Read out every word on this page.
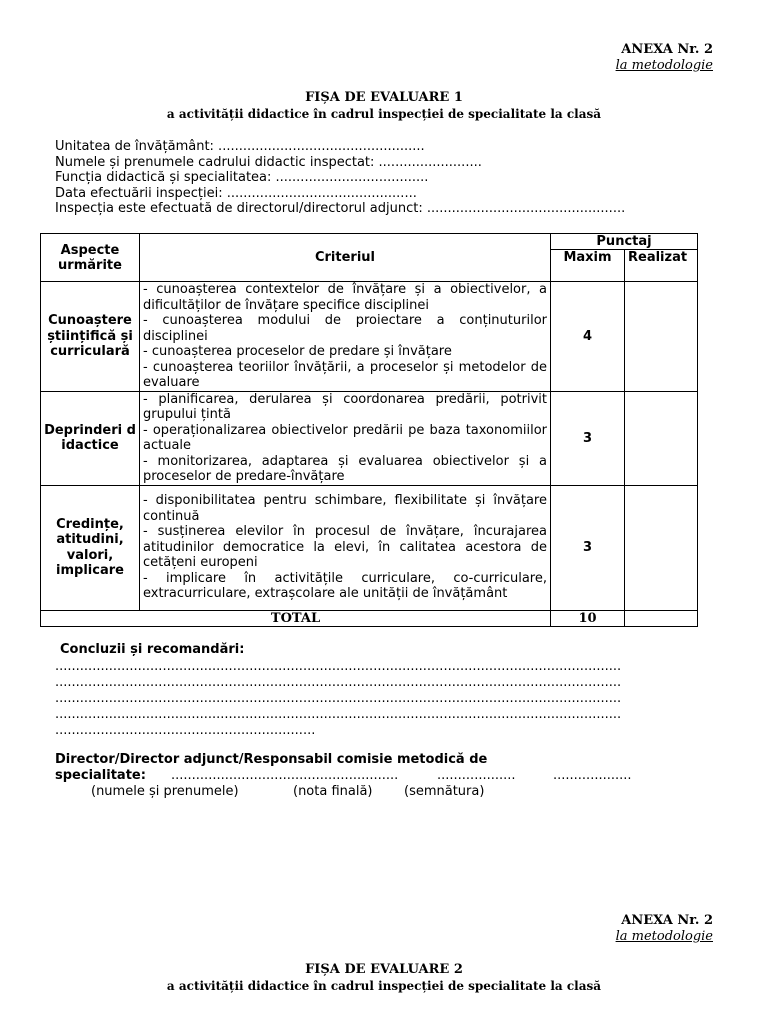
ANEXA Nr. 2
la metodologie
FIȘA DE EVALUARE 1
a activității didactice în cadrul inspecției de specialitate la clasă
Unitatea de învățământ: ..................................................
Numele și prenumele cadrului didactic inspectat: .........................
Funcția didactică și specialitatea: .....................................
Data efectuării inspecției: ..............................................
Inspecția este efectuată de directorul/directorul adjunct: ................................................
Aspecte urmărite	Criteriul	Punctaj	
		Maxim	Realizat
Cunoaștere științifică și curriculară	- cunoașterea contextelor de învățare și a obiectivelor, a dificultăților de învățare specifice disciplinei
- cunoașterea modului de proiectare a conținuturilor disciplinei
- cunoașterea proceselor de predare și învățare
- cunoașterea teoriilor învățării, a proceselor și metodelor de evaluare	4	
Deprinderi didactice	- planificarea, derularea și coordonarea predării, potrivit grupului țintă
- operaționalizarea obiectivelor predării pe baza taxonomiilor actuale
- monitorizarea, adaptarea și evaluarea obiectivelor și a proceselor de predare-învățare	3	
Credințe, atitudini, valori, implicare	- disponibilitatea pentru schimbare, flexibilitate și învățare continuă
- susținerea elevilor în procesul de învățare, încurajarea atitudinilor democratice la elevi, în calitatea acestora de cetățeni europeni
- implicare în activitățile curriculare, co-curriculare, extracurriculare, extrașcolare ale unității de învățământ	3	
TOTAL		10	
Concluzii și recomandări:
.........................................................................................................................................
.........................................................................................................................................
.........................................................................................................................................
.........................................................................................................................................
...............................................................
Director/Director adjunct/Responsabil comisie metodică de
specialitate: .......................................................	...................	...................
(numele și prenumele)	(nota finală) (semnătura)
ANEXA Nr. 2
la metodologie
FIȘA DE EVALUARE 2
a activității didactice în cadrul inspecției de specialitate la clasă
